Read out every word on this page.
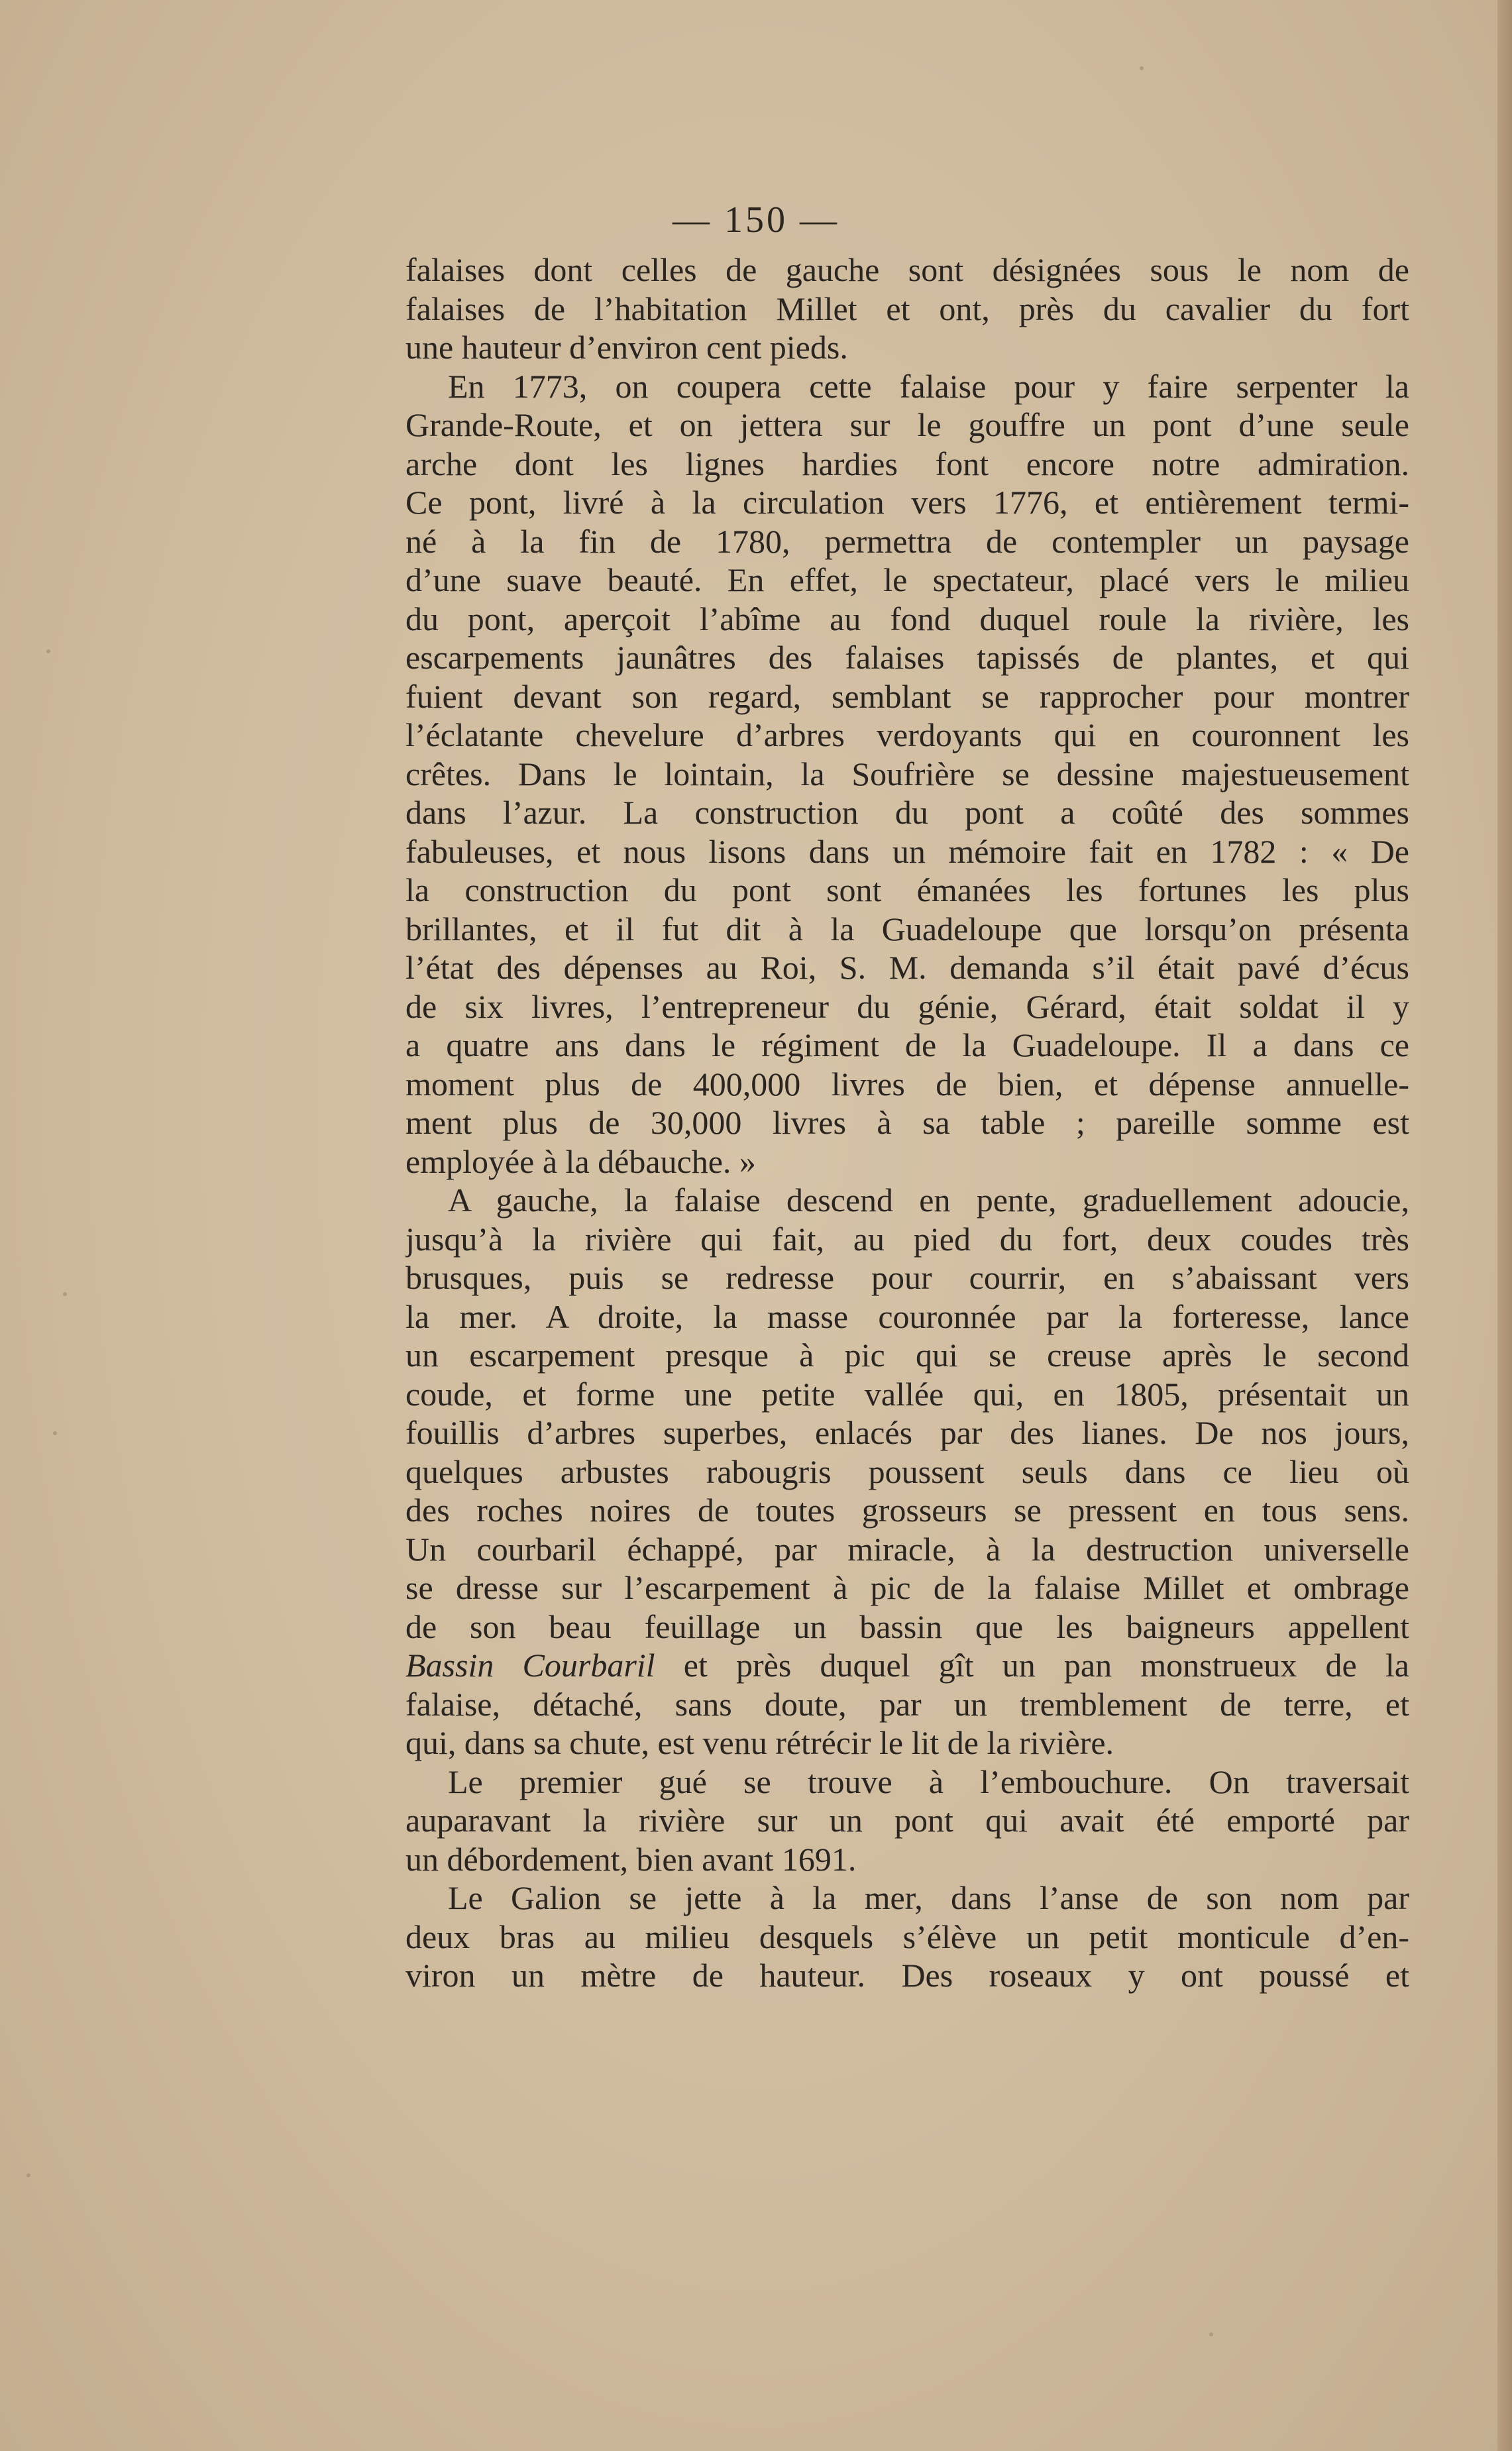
— 150 —
falaises dont celles de gauche sont désignées sous le nom de
falaises de l’habitation Millet et ont, près du cavalier du fort
une hauteur d’environ cent pieds.
En 1773, on coupera cette falaise pour y faire serpenter la
Grande-Route, et on jettera sur le gouffre un pont d’une seule
arche dont les lignes hardies font encore notre admiration.
Ce pont, livré à la circulation vers 1776, et entièrement termi-
né à la fin de 1780, permettra de contempler un paysage
d’une suave beauté. En effet, le spectateur, placé vers le milieu
du pont, aperçoit l’abîme au fond duquel roule la rivière, les
escarpements jaunâtres des falaises tapissés de plantes, et qui
fuient devant son regard, semblant se rapprocher pour montrer
l’éclatante chevelure d’arbres verdoyants qui en couronnent les
crêtes. Dans le lointain, la Soufrière se dessine majestueusement
dans l’azur. La construction du pont a coûté des sommes
fabuleuses, et nous lisons dans un mémoire fait en 1782 : « De
la construction du pont sont émanées les fortunes les plus
brillantes, et il fut dit à la Guadeloupe que lorsqu’on présenta
l’état des dépenses au Roi, S. M. demanda s’il était pavé d’écus
de six livres, l’entrepreneur du génie, Gérard, était soldat il y
a quatre ans dans le régiment de la Guadeloupe. Il a dans ce
moment plus de 400,000 livres de bien, et dépense annuelle-
ment plus de 30,000 livres à sa table ; pareille somme est
employée à la débauche. »
A gauche, la falaise descend en pente, graduellement adoucie,
jusqu’à la rivière qui fait, au pied du fort, deux coudes très
brusques, puis se redresse pour courrir, en s’abaissant vers
la mer. A droite, la masse couronnée par la forteresse, lance
un escarpement presque à pic qui se creuse après le second
coude, et forme une petite vallée qui, en 1805, présentait un
fouillis d’arbres superbes, enlacés par des lianes. De nos jours,
quelques arbustes rabougris poussent seuls dans ce lieu où
des roches noires de toutes grosseurs se pressent en tous sens.
Un courbaril échappé, par miracle, à la destruction universelle
se dresse sur l’escarpement à pic de la falaise Millet et ombrage
de son beau feuillage un bassin que les baigneurs appellent
Bassin Courbaril et près duquel gît un pan monstrueux de la
falaise, détaché, sans doute, par un tremblement de terre, et
qui, dans sa chute, est venu rétrécir le lit de la rivière.
Le premier gué se trouve à l’embouchure. On traversait
auparavant la rivière sur un pont qui avait été emporté par
un débordement, bien avant 1691.
Le Galion se jette à la mer, dans l’anse de son nom par
deux bras au milieu desquels s’élève un petit monticule d’en-
viron un mètre de hauteur. Des roseaux y ont poussé et
